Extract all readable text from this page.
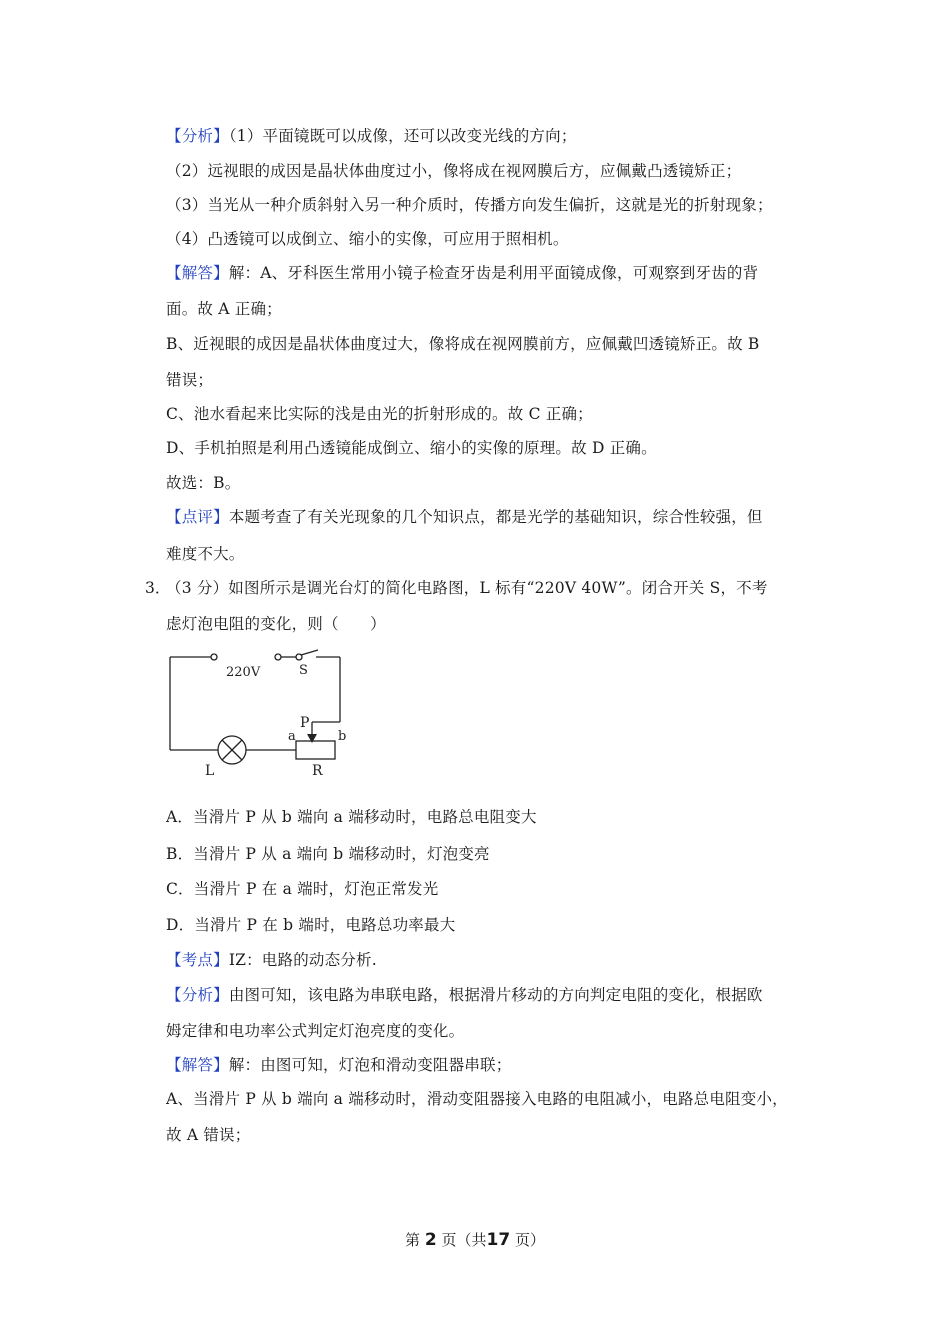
【分析】（1）平面镜既可以成像，还可以改变光线的方向；
（2）远视眼的成因是晶状体曲度过小，像将成在视网膜后方，应佩戴凸透镜矫正；
（3）当光从一种介质斜射入另一种介质时，传播方向发生偏折，这就是光的折射现象；
（4）凸透镜可以成倒立、缩小的实像，可应用于照相机。
【解答】解：A、牙科医生常用小镜子检查牙齿是利用平面镜成像，可观察到牙齿的背
面。故 A 正确；
B、近视眼的成因是晶状体曲度过大，像将成在视网膜前方，应佩戴凹透镜矫正。故 B
错误；
C、池水看起来比实际的浅是由光的折射形成的。故 C 正确；
D、手机拍照是利用凸透镜能成倒立、缩小的实像的原理。故 D 正确。
故选：B。
【点评】本题考查了有关光现象的几个知识点，都是光学的基础知识，综合性较强，但
难度不大。
3．
（3 分）如图所示是调光台灯的简化电路图，L 标有“220V 40W”。闭合开关 S，不考
虑灯泡电阻的变化，则（　　）
220V	S
P
a	b
L	R
A．当滑片 P 从 b 端向 a 端移动时，电路总电阻变大
B．当滑片 P 从 a 端向 b 端移动时，灯泡变亮
C．当滑片 P 在 a 端时，灯泡正常发光
D．当滑片 P 在 b 端时，电路总功率最大
【考点】IZ：电路的动态分析.
【分析】由图可知，该电路为串联电路，根据滑片移动的方向判定电阻的变化，根据欧
姆定律和电功率公式判定灯泡亮度的变化。
【解答】解：由图可知，灯泡和滑动变阻器串联；
A、当滑片 P 从 b 端向 a 端移动时，滑动变阻器接入电路的电阻减小，电路总电阻变小，
故 A 错误；
第 2 页（共17 页）
